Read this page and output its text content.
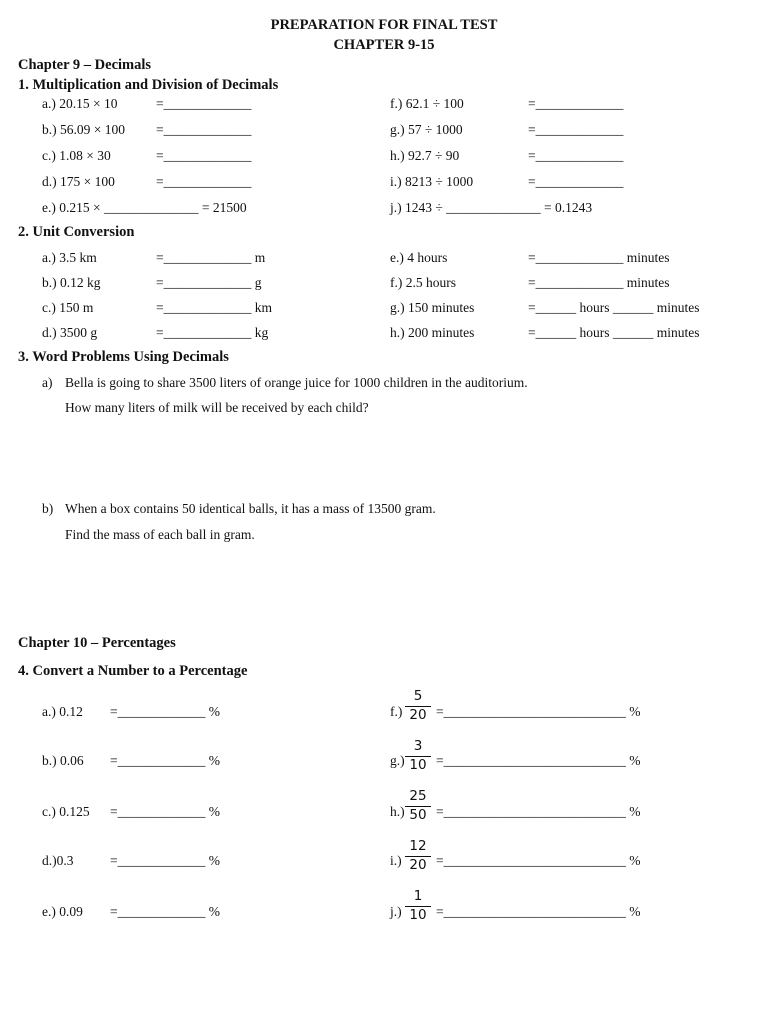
PREPARATION FOR FINAL TEST
CHAPTER 9-15
Chapter 9 – Decimals
1. Multiplication and Division of Decimals
a.) 20.15 × 10	=_____________
b.) 56.09 × 100 =_____________
c.) 1.08 × 30	=_____________
d.) 175 × 100	=_____________
e.) 0.215 × ______________ = 21500
f.) 62.1 ÷ 100	=_____________
g.) 57 ÷ 1000	=_____________
h.) 92.7 ÷ 90	=_____________
i.) 8213 ÷ 1000	=_____________
j.) 1243 ÷ ______________ = 0.1243
2. Unit Conversion
a.) 3.5 km	=_____________ m
b.) 0.12 kg	=_____________ g
c.) 150 m	=_____________ km
d.) 3500 g	=_____________ kg
e.) 4 hours	=_____________ minutes
f.) 2.5 hours	=_____________ minutes
g.) 150 minutes	=______ hours ______ minutes
h.) 200 minutes	=______ hours ______ minutes
3. Word Problems Using Decimals
a) Bella is going to share 3500 liters of orange juice for 1000 children in the auditorium.
How many liters of milk will be received by each child?
b) When a box contains 50 identical balls, it has a mass of 13500 gram.
Find the mass of each ball in gram.
Chapter 10 – Percentages
4. Convert a Number to a Percentage
a.) 0.12 =_____________ %
b.) 0.06 =_____________ %
c.) 0.125 =_____________ %
d.)0.3	=_____________ %
e.) 0.09 =_____________ %
f.)
5
20 =___________________________ %
g.)
3
10 =___________________________ %
h.)
25
50 =___________________________ %
i.)
12
20 =___________________________ %
j.)
1
10 =___________________________ %
